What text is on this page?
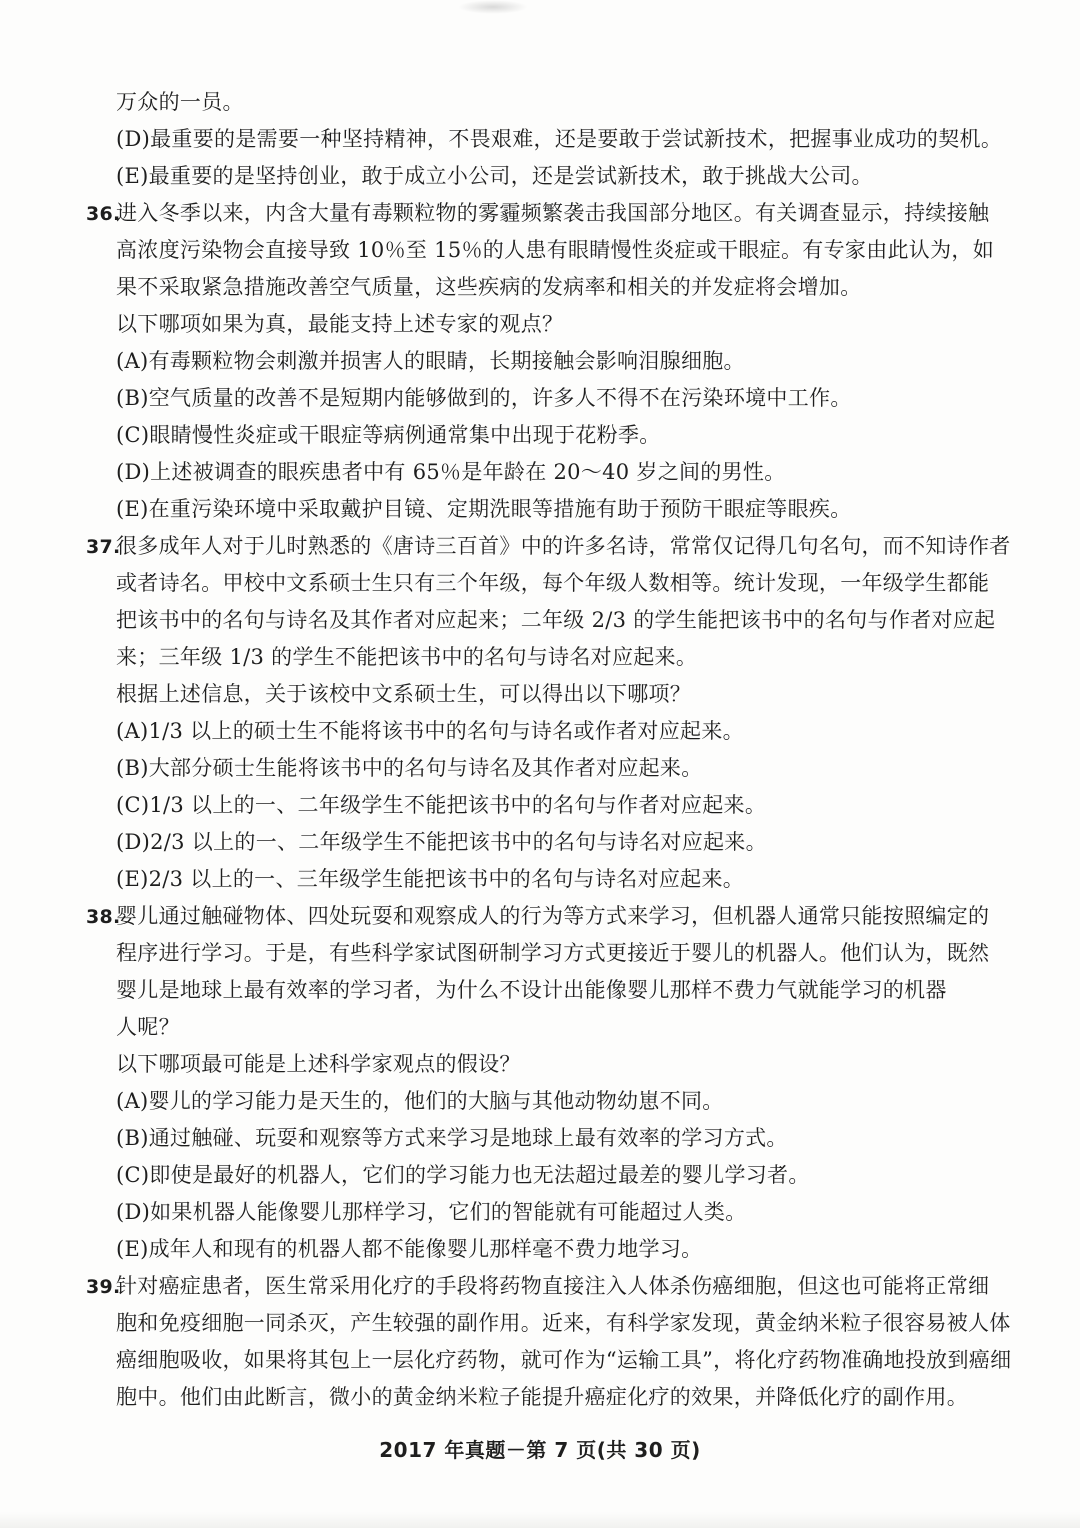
万众的一员。
(D)最重要的是需要一种坚持精神，不畏艰难，还是要敢于尝试新技术，把握事业成功的契机。
(E)最重要的是坚持创业，敢于成立小公司，还是尝试新技术，敢于挑战大公司。
36.进入冬季以来，内含大量有毒颗粒物的雾霾频繁袭击我国部分地区。有关调查显示，持续接触
高浓度污染物会直接导致 10％至 15％的人患有眼睛慢性炎症或干眼症。有专家由此认为，如
果不采取紧急措施改善空气质量，这些疾病的发病率和相关的并发症将会增加。
以下哪项如果为真，最能支持上述专家的观点？
(A)有毒颗粒物会刺激并损害人的眼睛，长期接触会影响泪腺细胞。
(B)空气质量的改善不是短期内能够做到的，许多人不得不在污染环境中工作。
(C)眼睛慢性炎症或干眼症等病例通常集中出现于花粉季。
(D)上述被调查的眼疾患者中有 65％是年龄在 20～40 岁之间的男性。
(E)在重污染环境中采取戴护目镜、定期洗眼等措施有助于预防干眼症等眼疾。
37.很多成年人对于儿时熟悉的《唐诗三百首》中的许多名诗，常常仅记得几句名句，而不知诗作者
或者诗名。甲校中文系硕士生只有三个年级，每个年级人数相等。统计发现，一年级学生都能
把该书中的名句与诗名及其作者对应起来；二年级 2/3 的学生能把该书中的名句与作者对应起
来；三年级 1/3 的学生不能把该书中的名句与诗名对应起来。
根据上述信息，关于该校中文系硕士生，可以得出以下哪项？
(A)1/3 以上的硕士生不能将该书中的名句与诗名或作者对应起来。
(B)大部分硕士生能将该书中的名句与诗名及其作者对应起来。
(C)1/3 以上的一、二年级学生不能把该书中的名句与作者对应起来。
(D)2/3 以上的一、二年级学生不能把该书中的名句与诗名对应起来。
(E)2/3 以上的一、三年级学生能把该书中的名句与诗名对应起来。
38.婴儿通过触碰物体、四处玩耍和观察成人的行为等方式来学习，但机器人通常只能按照编定的
程序进行学习。于是，有些科学家试图研制学习方式更接近于婴儿的机器人。他们认为，既然
婴儿是地球上最有效率的学习者，为什么不设计出能像婴儿那样不费力气就能学习的机器
人呢？
以下哪项最可能是上述科学家观点的假设？
(A)婴儿的学习能力是天生的，他们的大脑与其他动物幼崽不同。
(B)通过触碰、玩耍和观察等方式来学习是地球上最有效率的学习方式。
(C)即使是最好的机器人，它们的学习能力也无法超过最差的婴儿学习者。
(D)如果机器人能像婴儿那样学习，它们的智能就有可能超过人类。
(E)成年人和现有的机器人都不能像婴儿那样毫不费力地学习。
39.针对癌症患者，医生常采用化疗的手段将药物直接注入人体杀伤癌细胞，但这也可能将正常细
胞和免疫细胞一同杀灭，产生较强的副作用。近来，有科学家发现，黄金纳米粒子很容易被人体
癌细胞吸收，如果将其包上一层化疗药物，就可作为“运输工具”，将化疗药物准确地投放到癌细
胞中。他们由此断言，微小的黄金纳米粒子能提升癌症化疗的效果，并降低化疗的副作用。
2017 年真题－第 7 页(共 30 页)
